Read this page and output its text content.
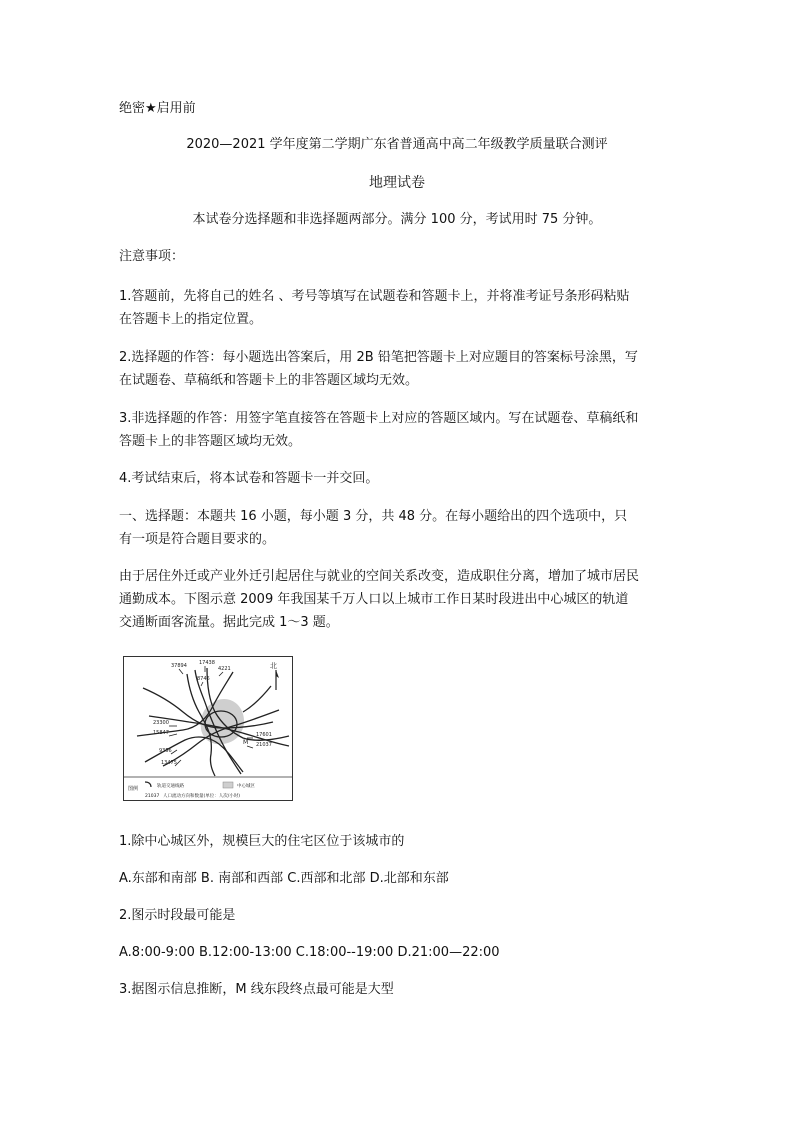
绝密★启用前
2020—2021 学年度第二学期广东省普通高中高二年级教学质量联合测评
地理试卷
本试卷分选择题和非选择题两部分。满分 100 分，考试用时 75 分钟。
注意事项：
1.答题前，先将自己的姓名 、考号等填写在试题卷和答题卡上，并将准考证号条形码粘贴
在答题卡上的指定位置。
2.选择题的作答：每小题选出答案后，用 2B 铅笔把答题卡上对应题目的答案标号涂黑，写
在试题卷、草稿纸和答题卡上的非答题区域均无效。
3.非选择题的作答：用签字笔直接答在答题卡上对应的答题区域内。写在试题卷、草稿纸和
答题卡上的非答题区域均无效。
4.考试结束后，将本试卷和答题卡一并交回。
一、选择题：本题共 16 小题，每小题 3 分，共 48 分。在每小题给出的四个选项中，只
有一项是符合题目要求的。
由于居住外迁或产业外迁引起居住与就业的空间关系改变，造成职住分离，增加了城市居民
通勤成本。下图示意 2009 年我国某千万人口以上城市工作日某时段进出中心城区的轨道
交通断面客流量。据此完成 1～3 题。
北
37894 17438
8746
4221
23300
15847	17601
21037
9356
13475
M
图例	轨道交通线路	中心城区
21037 人口流动方向和数量(单位：人次/小时)
1.除中心城区外，规模巨大的住宅区位于该城市的
A.东部和南部 B. 南部和西部 C.西部和北部 D.北部和东部
2.图示时段最可能是
A.8:00-9:00 B.12:00-13:00 C.18:00--19:00 D.21:00—22:00
3.据图示信息推断，M 线东段终点最可能是大型
